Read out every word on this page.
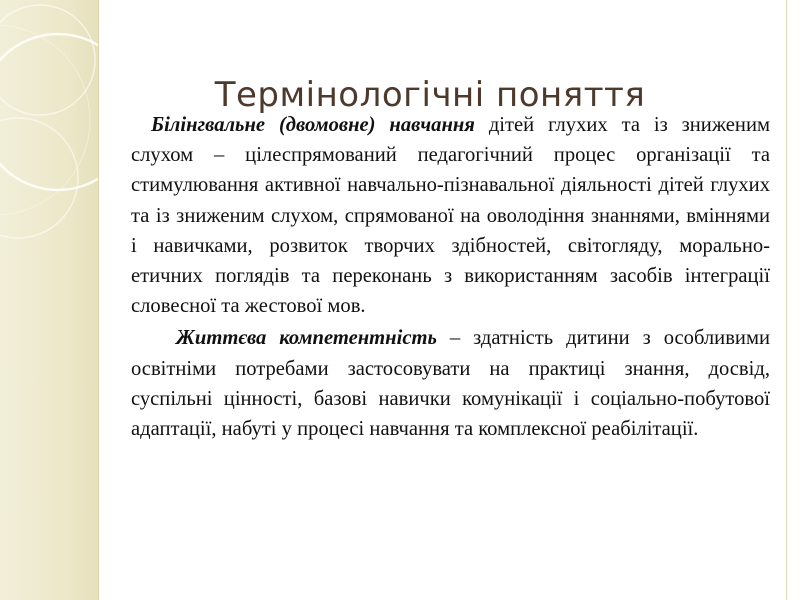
Термінологічні поняття

Білінгвальне (двомовне) навчання дітей глухих та із зниженим слухом – цілеспрямований педагогічний процес організації та стимулювання активної навчально-пізнавальної діяльності дітей глухих та із зниженим слухом, спрямованої на оволодіння знаннями, вміннями і навичками, розвиток творчих здібностей, світогляду, морально-етичних поглядів та переконань з використанням засобів інтеграції словесної та жестової мов.

Життєва компетентність – здатність дитини з особливими освітніми потребами застосовувати на практиці знання, досвід, суспільні цінності, базові навички комунікації і соціально-побутової адаптації, набуті у процесі навчання та комплексної реабілітації.
